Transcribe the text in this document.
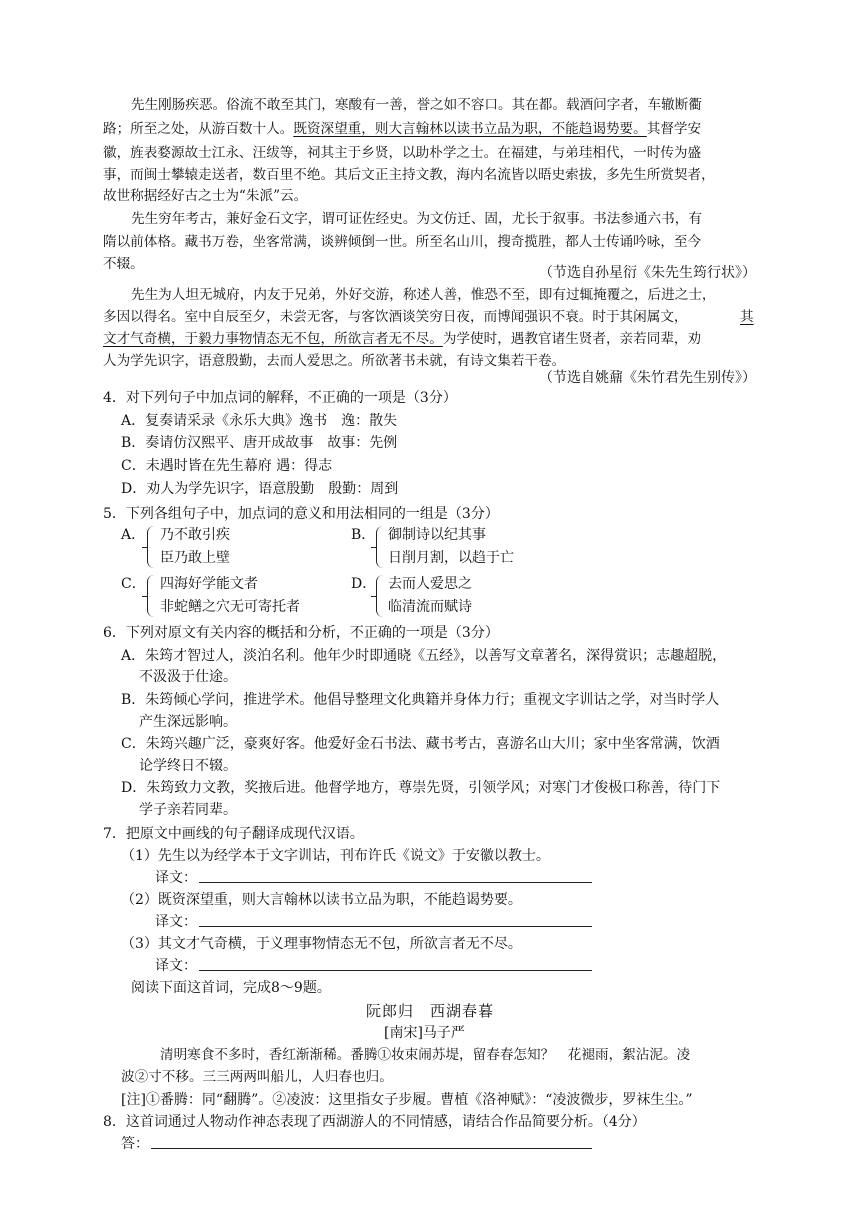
先生刚肠疾恶。俗流不敢至其门，寒酸有一善，誉之如不容口。其在都。载酒问字者，车辙断衢
路；所至之处，从游百数十人。既资深望重，则大言翰林以读书立品为职，不能趋谒势要。其督学安
徽，旌表婺源故士江永、汪绂等，祠其主于乡贤，以助朴学之士。在福建，与弟珪相代，一时传为盛
事，而闽士攀辕走送者，数百里不绝。其后文正主持文教，海内名流皆以晤史索拔，多先生所赏契者，
故世称据经好古之士为“朱派”云。
先生穷年考古，兼好金石文字，谓可证佐经史。为文仿迁、固，尤长于叙事。书法参通六书，有
隋以前体格。藏书万卷，坐客常满，谈辨倾倒一世。所至名山川，搜奇揽胜，都人士传诵吟咏，至今
不辍。
（节选自孙星衍《朱先生筠行状》）
先生为人坦无城府，内友于兄弟，外好交游，称述人善，惟恐不至，即有过辄掩覆之，后进之士，
多因以得名。室中自辰至夕，未尝无客，与客饮酒谈笑穷日夜，而博闻强识不衰。时于其闲属文，	其
文才气奇横，于毅力事物情态无不包，所欲言者无不尽。为学使时，遇教官诸生贤者，亲若同辈，劝
人为学先识字，语意殷勤，去而人爱思之。所欲著书未就，有诗文集若干卷。
（节选自姚鼐《朱竹君先生别传》）
4．对下列句子中加点词的解释，不正确的一项是（3分）
A．复奏请采录《永乐大典》逸书　逸：散失
B．奏请仿汉熙平、唐开成故事　故事：先例
C．未遇时皆在先生幕府 遇：得志
D．劝人为学先识字，语意殷勤　殷勤：周到
5．下列各组句子中，加点词的意义和用法相同的一组是（3分）
A． 乃不敢引疾
臣乃敢上壁
B． 御制诗以纪其事
日削月割，以趋于亡
C． 四海好学能文者
非蛇鳝之穴无可寄托者
D． 去而人爱思之
临清流而赋诗
6．下列对原文有关内容的概括和分析，不正确的一项是（3分）
A．朱筠才智过人，淡泊名利。他年少时即通晓《五经》，以善写文章著名，深得赏识；志趣超脱，
不汲汲于仕途。
B．朱筠倾心学问，推进学术。他倡导整理文化典籍并身体力行；重视文字训诂之学，对当时学人
产生深远影响。
C．朱筠兴趣广泛，豪爽好客。他爱好金石书法、藏书考古，喜游名山大川；家中坐客常满，饮酒
论学终日不辍。
D．朱筠致力文教，奖掖后进。他督学地方，尊崇先贤，引领学风；对寒门才俊极口称善，待门下
学子亲若同辈。
7．把原文中画线的句子翻译成现代汉语。
（1）先生以为经学本于文字训诂，刊布许氏《说文》于安徽以教士。
译文：
（2）既资深望重，则大言翰林以读书立品为职，不能趋谒势要。
译文：
（3）其文才气奇横，于义理事物情态无不包，所欲言者无不尽。
译文：
阅读下面这首词，完成8～9题。
阮郎归　西湖春暮
[南宋]马子严
清明寒食不多时，香红渐渐稀。番腾①妆束闹苏堤，留春春怎知？　花褪雨，絮沾泥。凌
波②寸不移。三三两两叫船儿，人归春也归。
[注]①番腾：同“翻腾”。②凌波：这里指女子步履。曹植《洛神赋》：“凌波微步，罗袜生尘。”
8．这首词通过人物动作神态表现了西湖游人的不同情感，请结合作品简要分析。（4分）
答：
